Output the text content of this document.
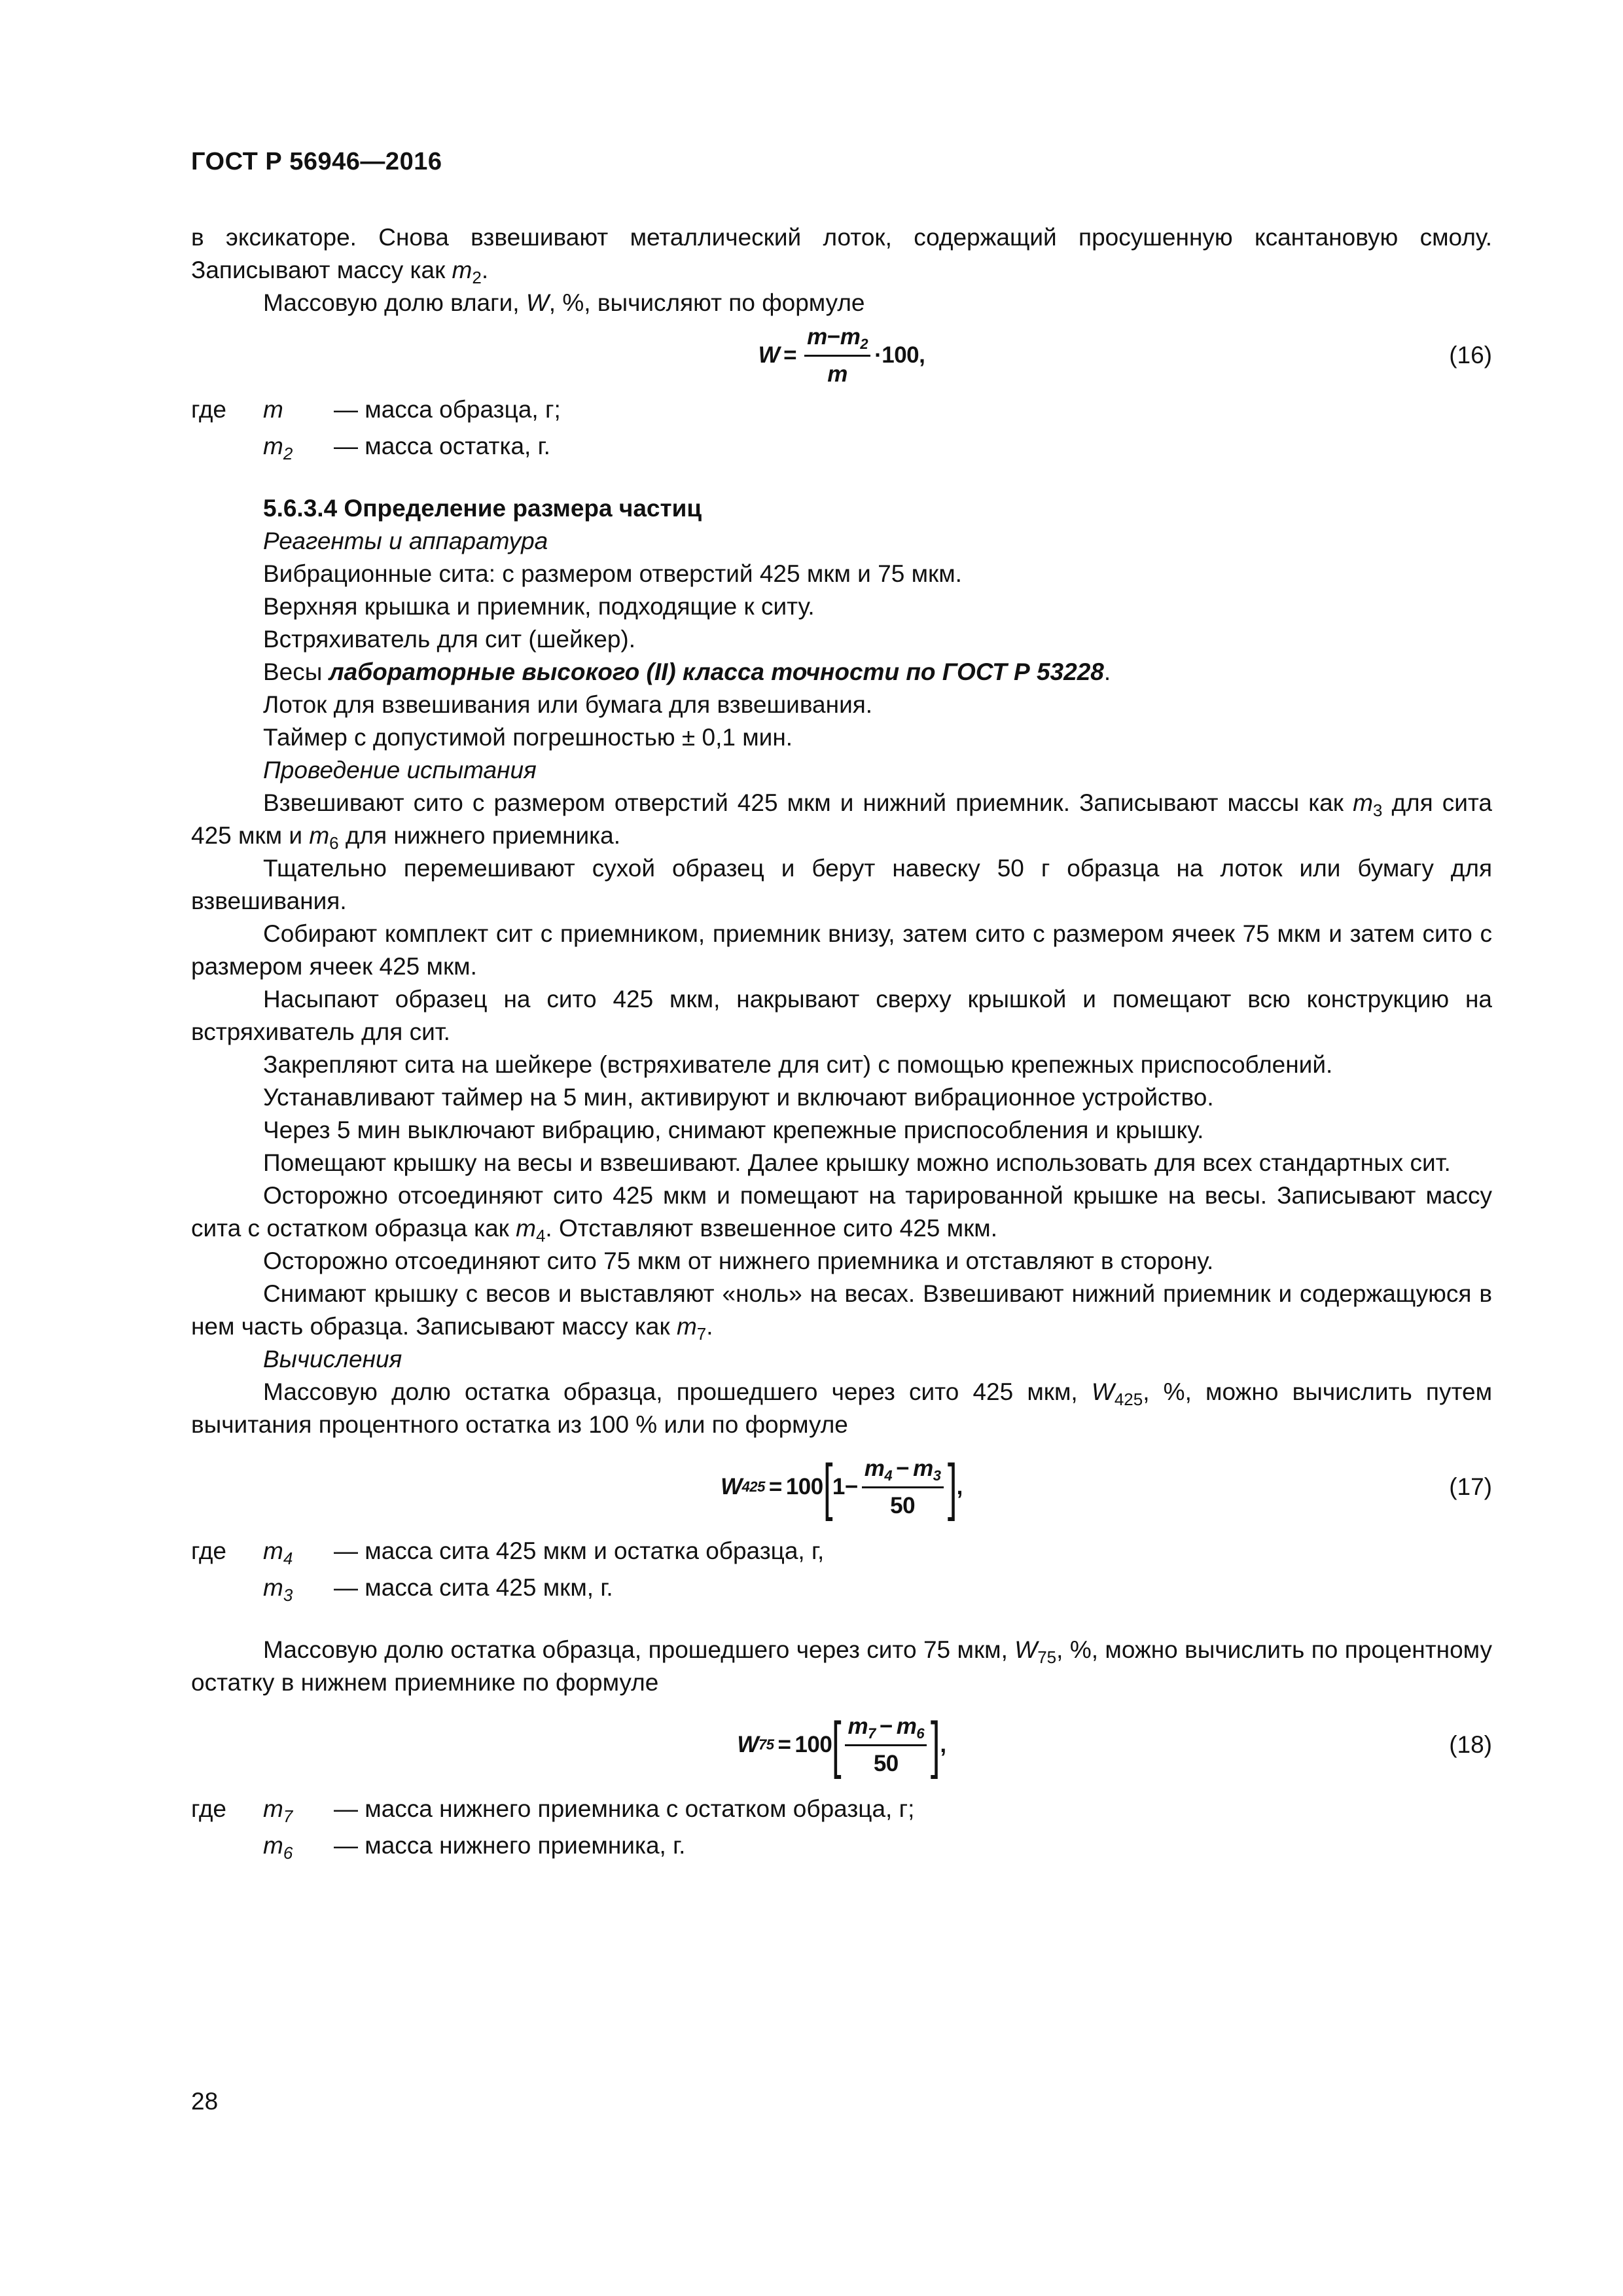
ГОСТ Р 56946—2016

в эксикаторе. Снова взвешивают металлический лоток, содержащий просушенную ксантановую смолу. Записывают массу как $m_2$.

Массовую долю влаги, W, %, вычисляют по формуле

$W = \frac{m-m_2}{m} \cdot 100$,	(16)
где	m	— масса образца, г;
$m_2$	— масса остатка, г.

5.6.3.4 Определение размера частиц

Реагенты и аппаратура

Вибрационные сита: с размером отверстий 425 мкм и 75 мкм.

Верхняя крышка и приемник, подходящие к ситу.

Встряхиватель для сит (шейкер).

Весы лабораторные высокого (II) класса точности по ГОСТ Р 53228.

Лоток для взвешивания или бумага для взвешивания.

Таймер с допустимой погрешностью ± 0,1 мин.

Проведение испытания

Взвешивают сито с размером отверстий 425 мкм и нижний приемник. Записывают массы как $m_3$ для сита 425 мкм и $m_6$ для нижнего приемника.

Тщательно перемешивают сухой образец и берут навеску 50 г образца на лоток или бумагу для взвешивания.

Собирают комплект сит с приемником, приемник внизу, затем сито с размером ячеек 75 мкм и затем сито с размером ячеек 425 мкм.

Насыпают образец на сито 425 мкм, накрывают сверху крышкой и помещают всю конструкцию на встряхиватель для сит.

Закрепляют сита на шейкере (встряхивателе для сит) с помощью крепежных приспособлений.

Устанавливают таймер на 5 мин, активируют и включают вибрационное устройство.

Через 5 мин выключают вибрацию, снимают крепежные приспособления и крышку.

Помещают крышку на весы и взвешивают. Далее крышку можно использовать для всех стандартных сит.

Осторожно отсоединяют сито 425 мкм и помещают на тарированной крышке на весы. Записывают массу сита с остатком образца как $m_4$. Отставляют взвешенное сито 425 мкм.

Осторожно отсоединяют сито 75 мкм от нижнего приемника и отставляют в сторону.

Снимают крышку с весов и выставляют «ноль» на весах. Взвешивают нижний приемник и содержащуюся в нем часть образца. Записывают массу как $m_7$.

Вычисления

Массовую долю остатка образца, прошедшего через сито 425 мкм, $W_{425}$, %, можно вычислить путем вычитания процентного остатка из 100 % или по формуле

W 425 = 100 [ $1- \frac{m_4 - m_3}{50}$ ] ,	(17)
где	$m_4$	— масса сита 425 мкм и остатка образца, г,
$m_3$	— масса сита 425 мкм, г.

Массовую долю остатка образца, прошедшего через сито 75 мкм, $W_{75}$, %, можно вычислить по процентному остатку в нижнем приемнике по формуле

W 75 = 100 [ $\frac{m_7 - m_6}{50}$ ] ,	(18)
где	$m_7$	— масса нижнего приемника с остатком образца, г;
$m_6$	— масса нижнего приемника, г.
28
